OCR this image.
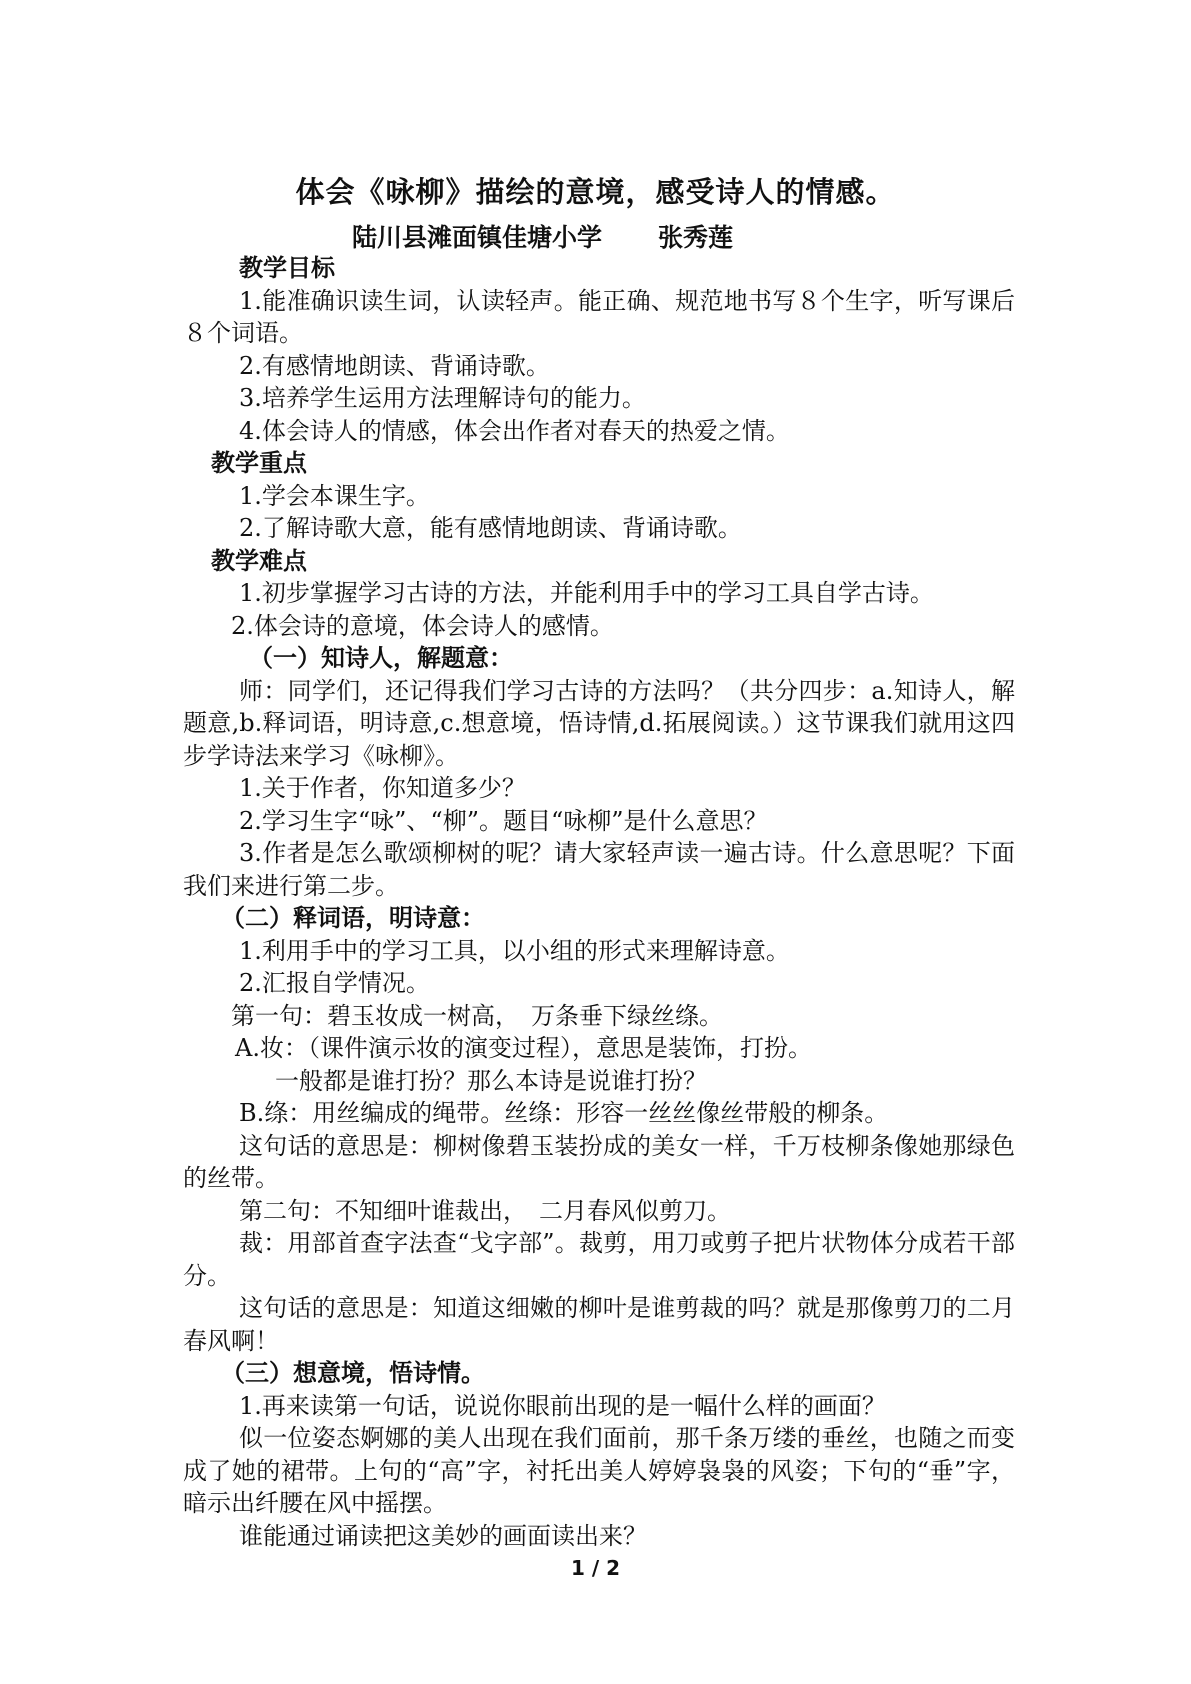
体会《咏柳》描绘的意境，感受诗人的情感。

陆川县滩面镇佳塘小学 张秀莲

教学目标

1.能准确识读生词，认读轻声。能正确、规范地书写８个生字，听写课后８个词语。

2.有感情地朗读、背诵诗歌。

3.培养学生运用方法理解诗句的能力。

4.体会诗人的情感，体会出作者对春天的热爱之情。

教学重点

1.学会本课生字。

2.了解诗歌大意，能有感情地朗读、背诵诗歌。

教学难点

1.初步掌握学习古诗的方法，并能利用手中的学习工具自学古诗。

2.体会诗的意境，体会诗人的感情。

（一）知诗人，解题意：

师：同学们，还记得我们学习古诗的方法吗？（共分四步：a.知诗人，解题意,b.释词语，明诗意,c.想意境，悟诗情,d.拓展阅读。）这节课我们就用这四步学诗法来学习《咏柳》。

1.关于作者，你知道多少？

2.学习生字“咏”、“柳”。题目“咏柳”是什么意思？

3.作者是怎么歌颂柳树的呢？请大家轻声读一遍古诗。什么意思呢？下面我们来进行第二步。

（二）释词语，明诗意：

1.利用手中的学习工具，以小组的形式来理解诗意。

2.汇报自学情况。

第一句：碧玉妆成一树高，　万条垂下绿丝绦。

A.妆：（课件演示妆的演变过程），意思是装饰，打扮。

一般都是谁打扮？那么本诗是说谁打扮？

B.绦：用丝编成的绳带。丝绦：形容一丝丝像丝带般的柳条。

这句话的意思是：柳树像碧玉装扮成的美女一样，千万枝柳条像她那绿色的丝带。

第二句：不知细叶谁裁出，　二月春风似剪刀。

裁：用部首查字法查“戈字部”。裁剪，用刀或剪子把片状物体分成若干部分。

这句话的意思是：知道这细嫩的柳叶是谁剪裁的吗？就是那像剪刀的二月春风啊！

（三）想意境，悟诗情。

1.再来读第一句话，说说你眼前出现的是一幅什么样的画面？

似一位姿态婀娜的美人出现在我们面前，那千条万缕的垂丝，也随之而变成了她的裙带。上句的“高”字，衬托出美人婷婷袅袅的风姿；下句的“垂”字，暗示出纤腰在风中摇摆。

谁能通过诵读把这美妙的画面读出来？

1 / 2
